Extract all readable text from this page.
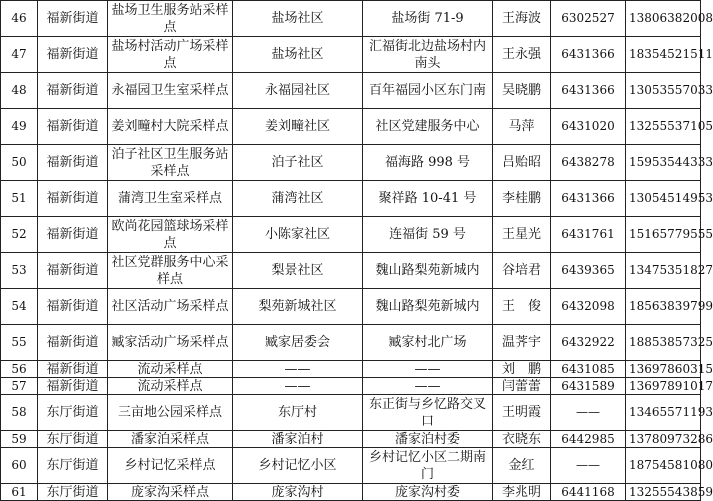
46	福新街道	盐场卫生服务站采样点	盐场社区	盐场街 71-9	王海波	6302527	13806382008
47	福新街道	盐场村活动广场采样点	盐场社区	汇福街北边盐场村内南头	王永强	6431366	18354521511
48	福新街道	永福园卫生室采样点	永福园社区	百年福园小区东门南	吴晓鹏	6431366	13053557033
49	福新街道	姜刘疃村大院采样点	姜刘疃社区	社区党建服务中心	马萍	6431020	13255537105
50	福新街道	泊子社区卫生服务站采样点	泊子社区	福海路 998 号	吕贻昭	6438278	15953544333
51	福新街道	蒲湾卫生室采样点	蒲湾社区	聚祥路 10-41 号	李桂鹏	6431366	13054514953
52	福新街道	欧尚花园篮球场采样点	小陈家社区	连福街 59 号	王星光	6431761	15165779555
53	福新街道	社区党群服务中心采样点	梨景社区	魏山路梨苑新城内	谷培君	6439365	13475351827
54	福新街道	社区活动广场采样点	梨苑新城社区	魏山路梨苑新城内	王　俊	6432098	18563839799
55	福新街道	臧家活动广场采样点	臧家居委会	臧家村北广场	温荠宇	6432922	18853857325
56	福新街道	流动采样点	——	——	刘　鹏	6431085	13697860315
57	福新街道	流动采样点	——	——	闫蕾蕾	6431589	13697891017
58	东厅街道	三亩地公园采样点	东厅村	东正街与乡忆路交叉口	王明霞	——	13465571193
59	东厅街道	潘家泊采样点	潘家泊村	潘家泊村委	衣晓东	6442985	13780973286
60	东厅街道	乡村记忆采样点	乡村记忆小区	乡村记忆小区二期南门	金红	——	18754581080
61	东厅街道	庞家沟采样点	庞家沟村	庞家沟村委	李兆明	6441168	13255543859
